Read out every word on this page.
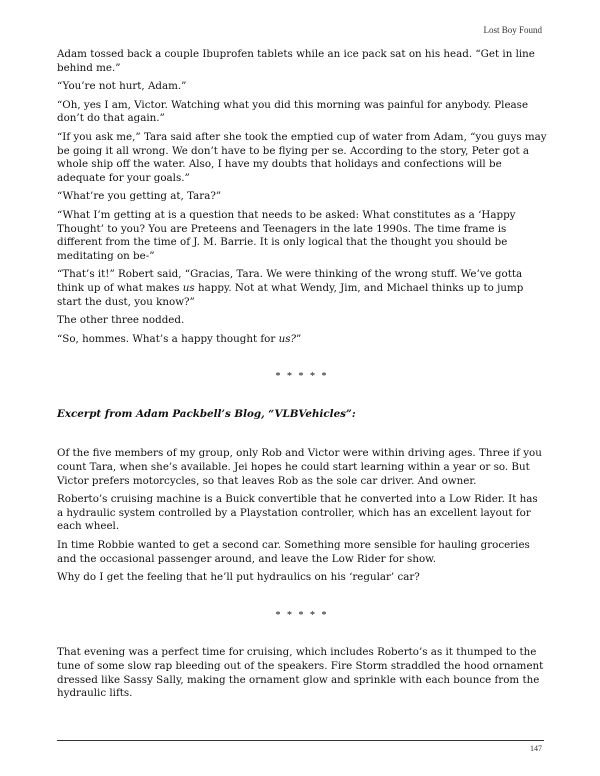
Lost Boy Found

Adam tossed back a couple Ibuprofen tablets while an ice pack sat on his head. “Get in line behind me.”

“You’re not hurt, Adam.”

“Oh, yes I am, Victor. Watching what you did this morning was painful for anybody. Please don’t do that again.”

“If you ask me,” Tara said after she took the emptied cup of water from Adam, “you guys may be going it all wrong. We don’t have to be flying per se. According to the story, Peter got a whole ship off the water. Also, I have my doubts that holidays and confections will be adequate for your goals.”

“What’re you getting at, Tara?”

“What I’m getting at is a question that needs to be asked: What constitutes as a ‘Happy Thought’ to you? You are Preteens and Teenagers in the late 1990s. The time frame is different from the time of J. M. Barrie. It is only logical that the thought you should be meditating on be-”

“That’s it!” Robert said, “Gracias, Tara. We were thinking of the wrong stuff. We’ve gotta think up of what makes us happy. Not at what Wendy, Jim, and Michael thinks up to jump start the dust, you know?”

The other three nodded.

“So, hommes. What’s a happy thought for us?”

* * * * *
Excerpt from Adam Packbell’s Blog, “VLBVehicles”:

Of the five members of my group, only Rob and Victor were within driving ages. Three if you count Tara, when she’s available. Jei hopes he could start learning within a year or so. But Victor prefers motorcycles, so that leaves Rob as the sole car driver. And owner.

Roberto’s cruising machine is a Buick convertible that he converted into a Low Rider. It has a hydraulic system controlled by a Playstation controller, which has an excellent layout for each wheel.

In time Robbie wanted to get a second car. Something more sensible for hauling groceries and the occasional passenger around, and leave the Low Rider for show.

Why do I get the feeling that he’ll put hydraulics on his ‘regular’ car?

* * * * *

That evening was a perfect time for cruising, which includes Roberto’s as it thumped to the tune of some slow rap bleeding out of the speakers. Fire Storm straddled the hood ornament dressed like Sassy Sally, making the ornament glow and sprinkle with each bounce from the hydraulic lifts.

147
